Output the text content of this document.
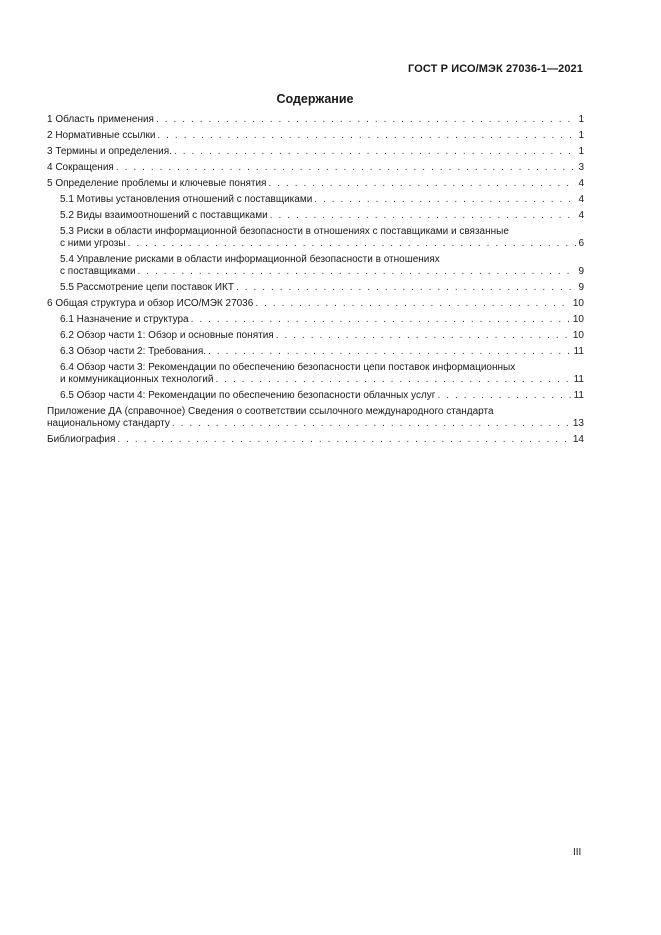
ГОСТ Р ИСО/МЭК 27036-1—2021
Содержание
1 Область применения . . .	1
2 Нормативные ссылки . . .	1
3 Термины и определения. . . .	1
4 Сокращения . . .	3
5 Определение проблемы и ключевые понятия . . .	4
5.1 Мотивы установления отношений с поставщиками . . .	4
5.2 Виды взаимоотношений с поставщиками . . .	4
5.3 Риски в области информационной безопасности в отношениях с поставщиками и связанные
с ними угрозы . . .	6
5.4 Управление рисками в области информационной безопасности в отношениях
с поставщиками . . .	9
5.5 Рассмотрение цепи поставок ИКТ . . .	9
6 Общая структура и обзор ИСО/МЭК 27036 . . .	10
6.1 Назначение и структура . . .	10
6.2 Обзор части 1: Обзор и основные понятия . . .	10
6.3 Обзор части 2: Требования. . . .	11
6.4 Обзор части 3: Рекомендации по обеспечению безопасности цепи поставок информационных
и коммуникационных технологий . . .	11
6.5 Обзор части 4: Рекомендации по обеспечению безопасности облачных услуг . . .	11
Приложение ДА (справочное) Сведения о соответствии ссылочного международного стандарта
национальному стандарту . . .	13
Библиография . . .	14
III
